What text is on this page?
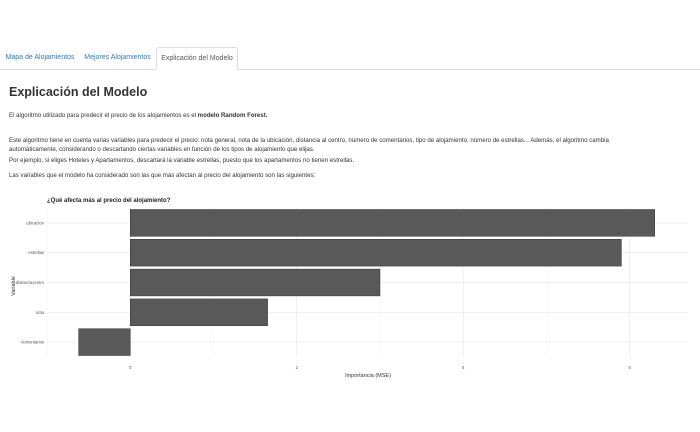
Mapa de Alojamientos	Mejores Alojamientos	Explicación del Modelo
Explicación del Modelo
El algoritmo utilizado para predecir el precio de los alojamientos es el modelo Random Forest.
Este algoritmo tiene en cuenta varias variables para predecir el precio: nota general, nota de la ubicación, distancia al centro, número de comentarios, tipo de alojamiento, número de estrellas... Además, el algoritmo cambia
automáticamente, considerando o descartando ciertas variables en función de los tipos de alojamiento que elijas.
Por ejemplo, si eliges Hoteles y Apartamentos, descartará la variable estrellas, puesto que los apartamentos no tienen estrellas.
Las variables que el modelo ha considerado son las que más afectan al precio del alojamiento son las siguientes:
¿Qué afecta más al precio del alojamiento?
ubicacion
estrellas
distanciacentro
nota
comentarios
0	2	4	6
Importancia (MSE)
Variable
